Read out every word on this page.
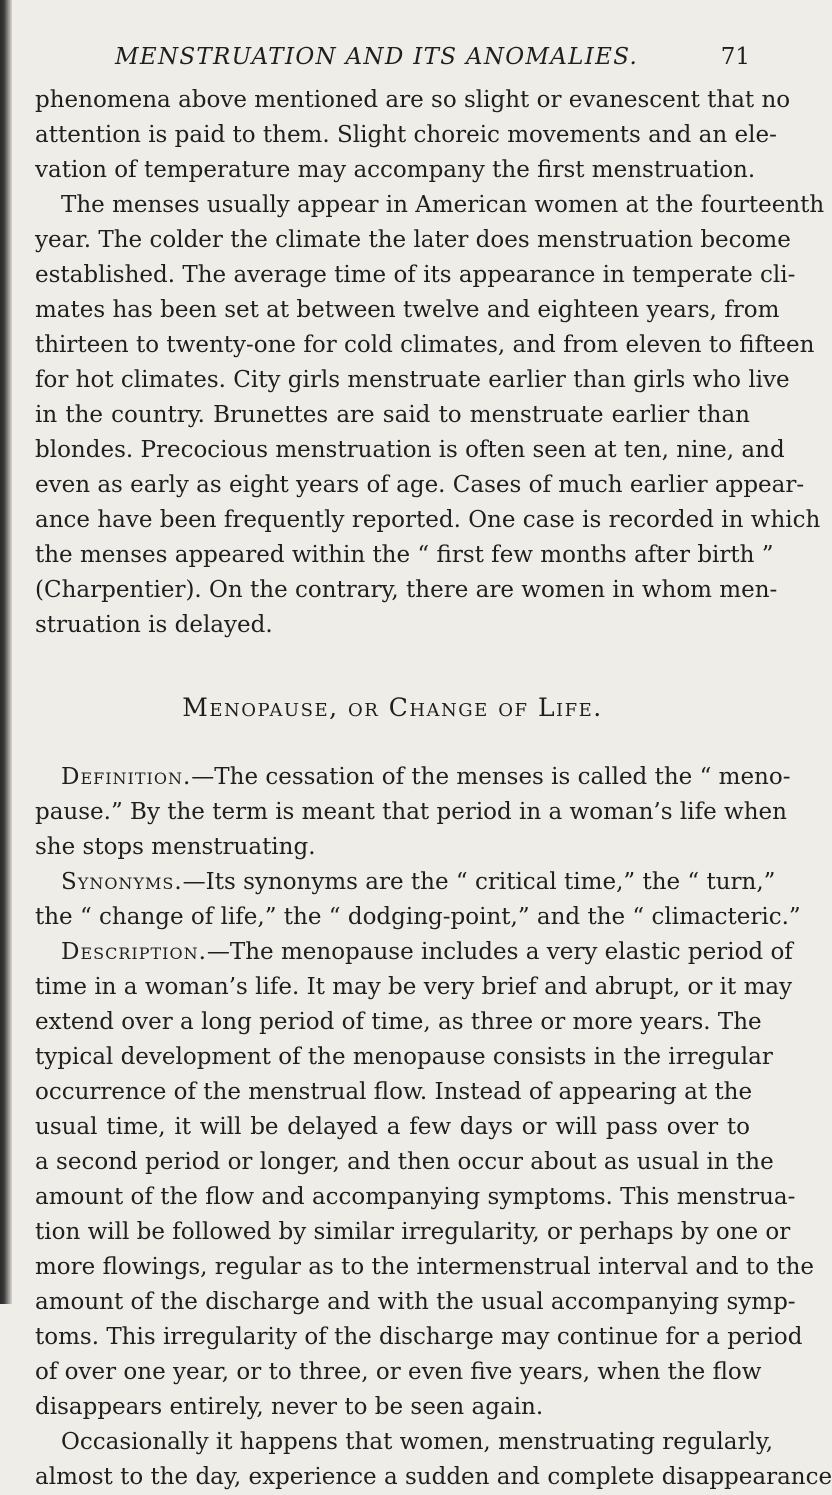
MENSTRUATION AND ITS ANOMALIES.	71
phenomena above mentioned are so slight or evanescent that no
attention is paid to them. Slight choreic movements and an ele-
vation of temperature may accompany the first menstruation.
The menses usually appear in American women at the fourteenth
year. The colder the climate the later does menstruation become
established. The average time of its appearance in temperate cli-
mates has been set at between twelve and eighteen years, from
thirteen to twenty-one for cold climates, and from eleven to fifteen
for hot climates. City girls menstruate earlier than girls who live
in the country. Brunettes are said to menstruate earlier than
blondes. Precocious menstruation is often seen at ten, nine, and
even as early as eight years of age. Cases of much earlier appear-
ance have been frequently reported. One case is recorded in which
the menses appeared within the “ first few months after birth ”
(Charpentier). On the contrary, there are women in whom men-
struation is delayed.
Menopause, or Change of Life.
Definition.—The cessation of the menses is called the “ meno-
pause.” By the term is meant that period in a woman’s life when
she stops menstruating.
Synonyms.—Its synonyms are the “ critical time,” the “ turn,”
the “ change of life,” the “ dodging-point,” and the “ climacteric.”
Description.—The menopause includes a very elastic period of
time in a woman’s life. It may be very brief and abrupt, or it may
extend over a long period of time, as three or more years. The
typical development of the menopause consists in the irregular
occurrence of the menstrual flow. Instead of appearing at the
usual time, it will be delayed a few days or will pass over to
a second period or longer, and then occur about as usual in the
amount of the flow and accompanying symptoms. This menstrua-
tion will be followed by similar irregularity, or perhaps by one or
more flowings, regular as to the intermenstrual interval and to the
amount of the discharge and with the usual accompanying symp-
toms. This irregularity of the discharge may continue for a period
of over one year, or to three, or even five years, when the flow
disappears entirely, never to be seen again.
Occasionally it happens that women, menstruating regularly,
almost to the day, experience a sudden and complete disappearance
